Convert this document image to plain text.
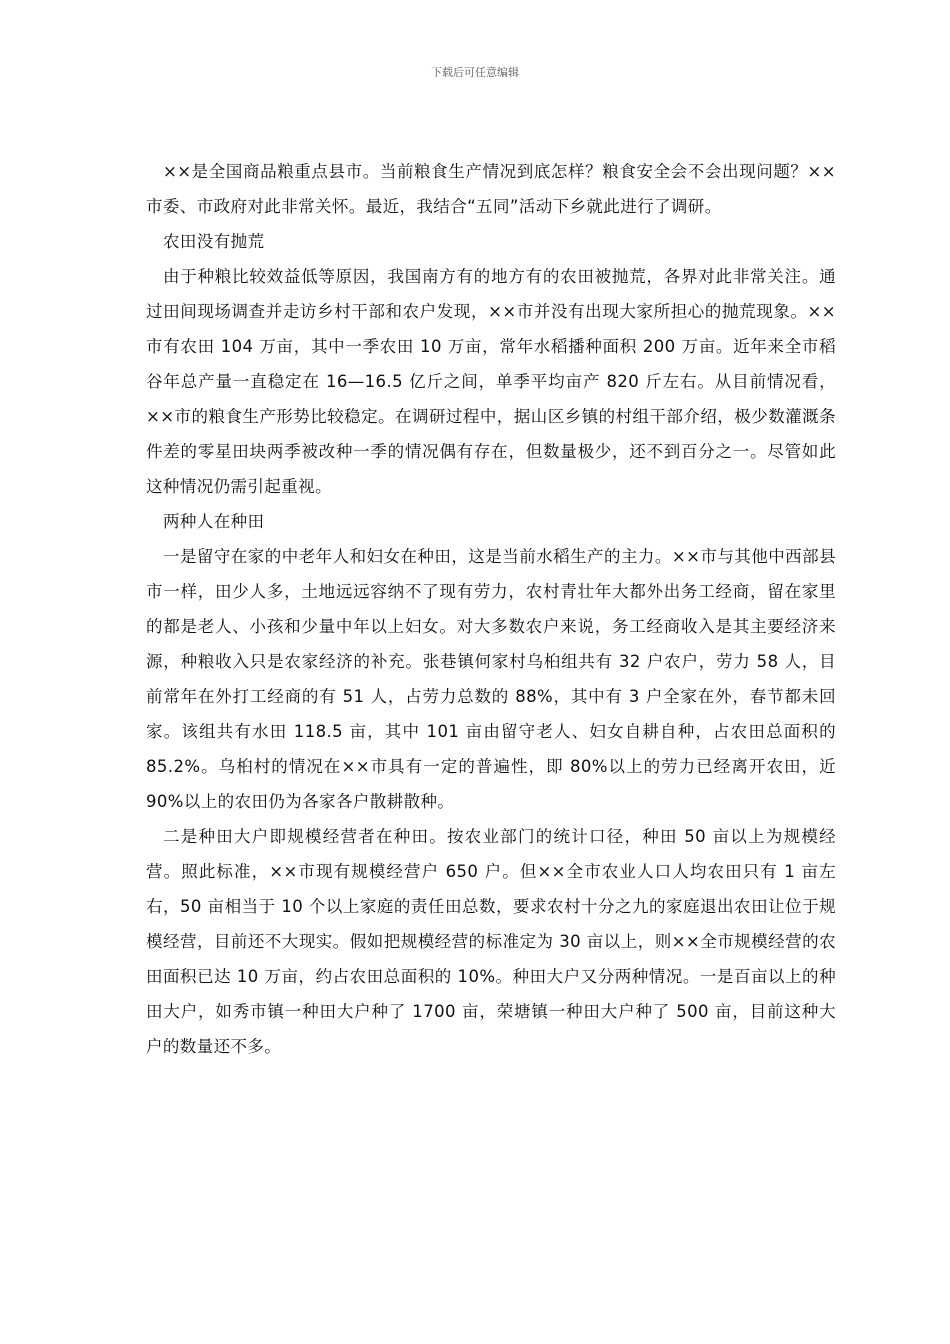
下载后可任意编辑

××是全国商品粮重点县市。当前粮食生产情况到底怎样？粮食安全会不会出现问题？××市委、市政府对此非常关怀。最近，我结合“五同”活动下乡就此进行了调研。

农田没有抛荒

由于种粮比较效益低等原因，我国南方有的地方有的农田被抛荒，各界对此非常关注。通过田间现场调查并走访乡村干部和农户发现，××市并没有出现大家所担心的抛荒现象。××市有农田 104 万亩，其中一季农田 10 万亩，常年水稻播种面积 200 万亩。近年来全市稻谷年总产量一直稳定在 16—16.5 亿斤之间，单季平均亩产 820 斤左右。从目前情况看，××市的粮食生产形势比较稳定。在调研过程中，据山区乡镇的村组干部介绍，极少数灌溉条件差的零星田块两季被改种一季的情况偶有存在，但数量极少，还不到百分之一。尽管如此这种情况仍需引起重视。

两种人在种田

一是留守在家的中老年人和妇女在种田，这是当前水稻生产的主力。××市与其他中西部县市一样，田少人多，土地远远容纳不了现有劳力，农村青壮年大都外出务工经商，留在家里的都是老人、小孩和少量中年以上妇女。对大多数农户来说，务工经商收入是其主要经济来源，种粮收入只是农家经济的补充。张巷镇何家村乌桕组共有 32 户农户，劳力 58 人，目前常年在外打工经商的有 51 人，占劳力总数的 88%，其中有 3 户全家在外，春节都未回家。该组共有水田 118.5 亩，其中 101 亩由留守老人、妇女自耕自种，占农田总面积的 85.2%。乌桕村的情况在××市具有一定的普遍性，即 80%以上的劳力已经离开农田，近 90%以上的农田仍为各家各户散耕散种。

二是种田大户即规模经营者在种田。按农业部门的统计口径，种田 50 亩以上为规模经营。照此标准，××市现有规模经营户 650 户。但××全市农业人口人均农田只有 1 亩左右，50 亩相当于 10 个以上家庭的责任田总数，要求农村十分之九的家庭退出农田让位于规模经营，目前还不大现实。假如把规模经营的标准定为 30 亩以上，则××全市规模经营的农田面积已达 10 万亩，约占农田总面积的 10%。种田大户又分两种情况。一是百亩以上的种田大户，如秀市镇一种田大户种了 1700 亩，荣塘镇一种田大户种了 500 亩，目前这种大户的数量还不多。
